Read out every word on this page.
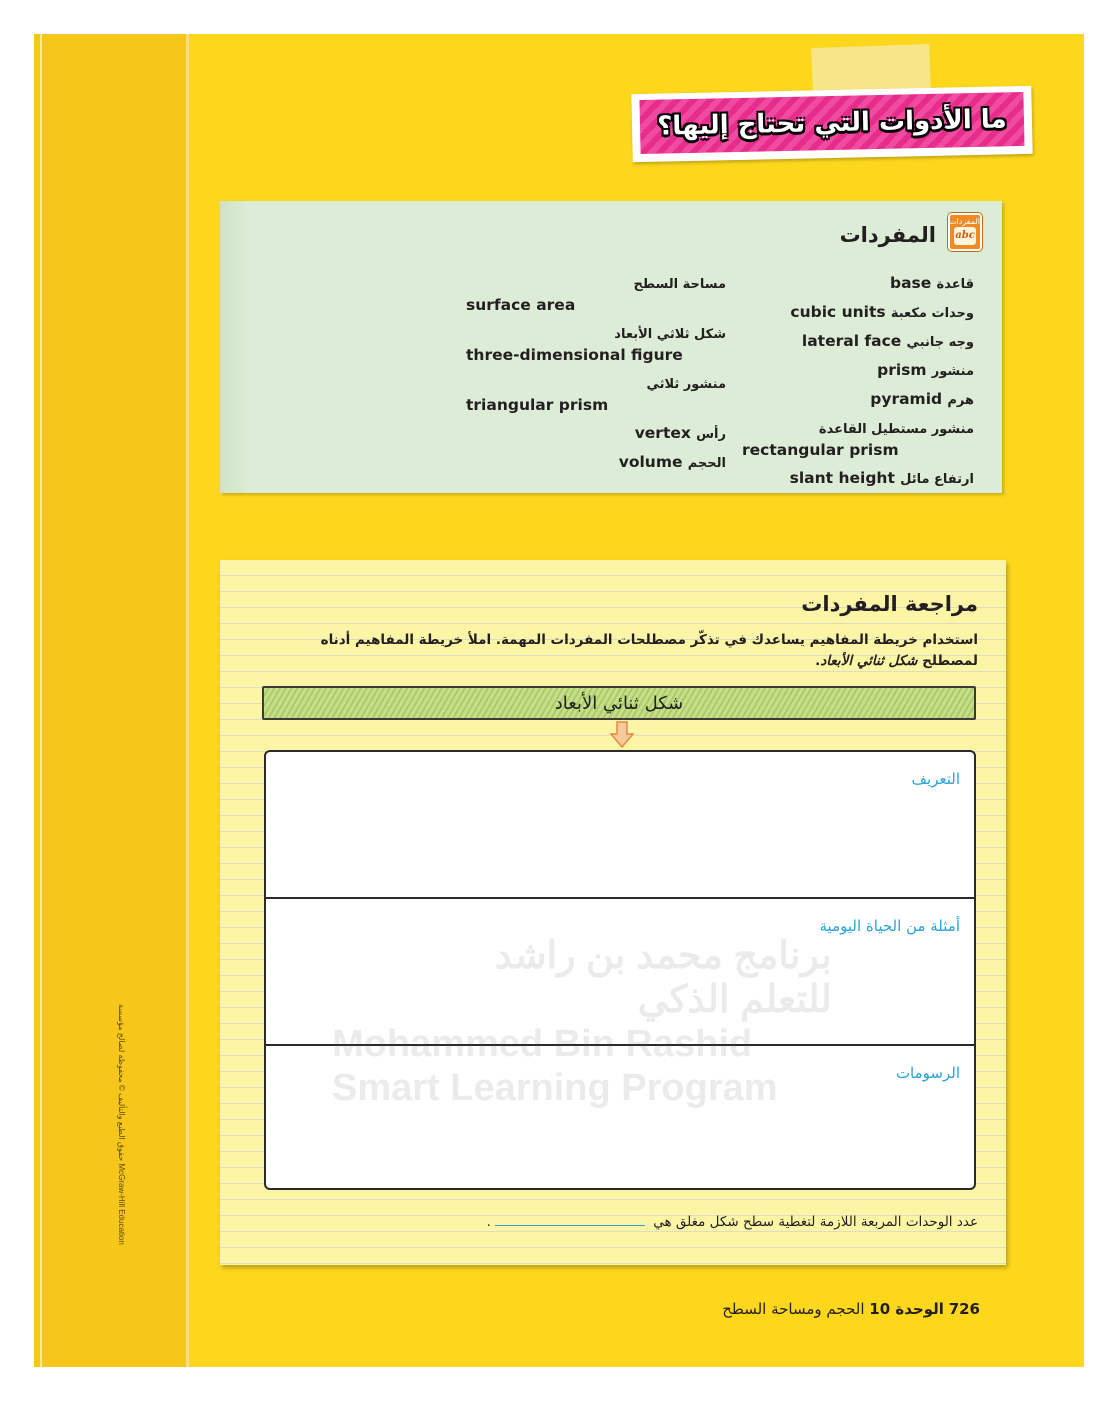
حقوق الطبع والتأليف © محفوظة لصالح مؤسسة McGraw-Hill Education
ما الأدوات التي تحتاج إليها؟
المفردات
abc
المفردات
قاعدة base
وحدات مكعبة cubic units
وجه جانبي lateral face
منشور prism
هرم pyramid
منشور مستطيل القاعدة
rectangular prism
ارتفاع مائل slant height
مساحة السطح
surface area
شكل ثلاثي الأبعاد
three-dimensional figure
منشور ثلاثي
triangular prism
رأس vertex
الحجم volume
مراجعة المفردات
استخدام خريطة المفاهيم يساعدك في تذكّر مصطلحات المفردات المهمة. املأ خريطة المفاهيم أدناه لمصطلح شكل ثنائي الأبعاد.
شكل ثنائي الأبعاد
التعريف
أمثلة من الحياة اليومية
الرسومات
عدد الوحدات المربعة اللازمة لتغطية سطح شكل مغلق هي .
برنامج محمد بن راشد
للتعلم الذكي
Mohammed Bin Rashid
Smart Learning Program
726 الوحدة 10 الحجم ومساحة السطح
